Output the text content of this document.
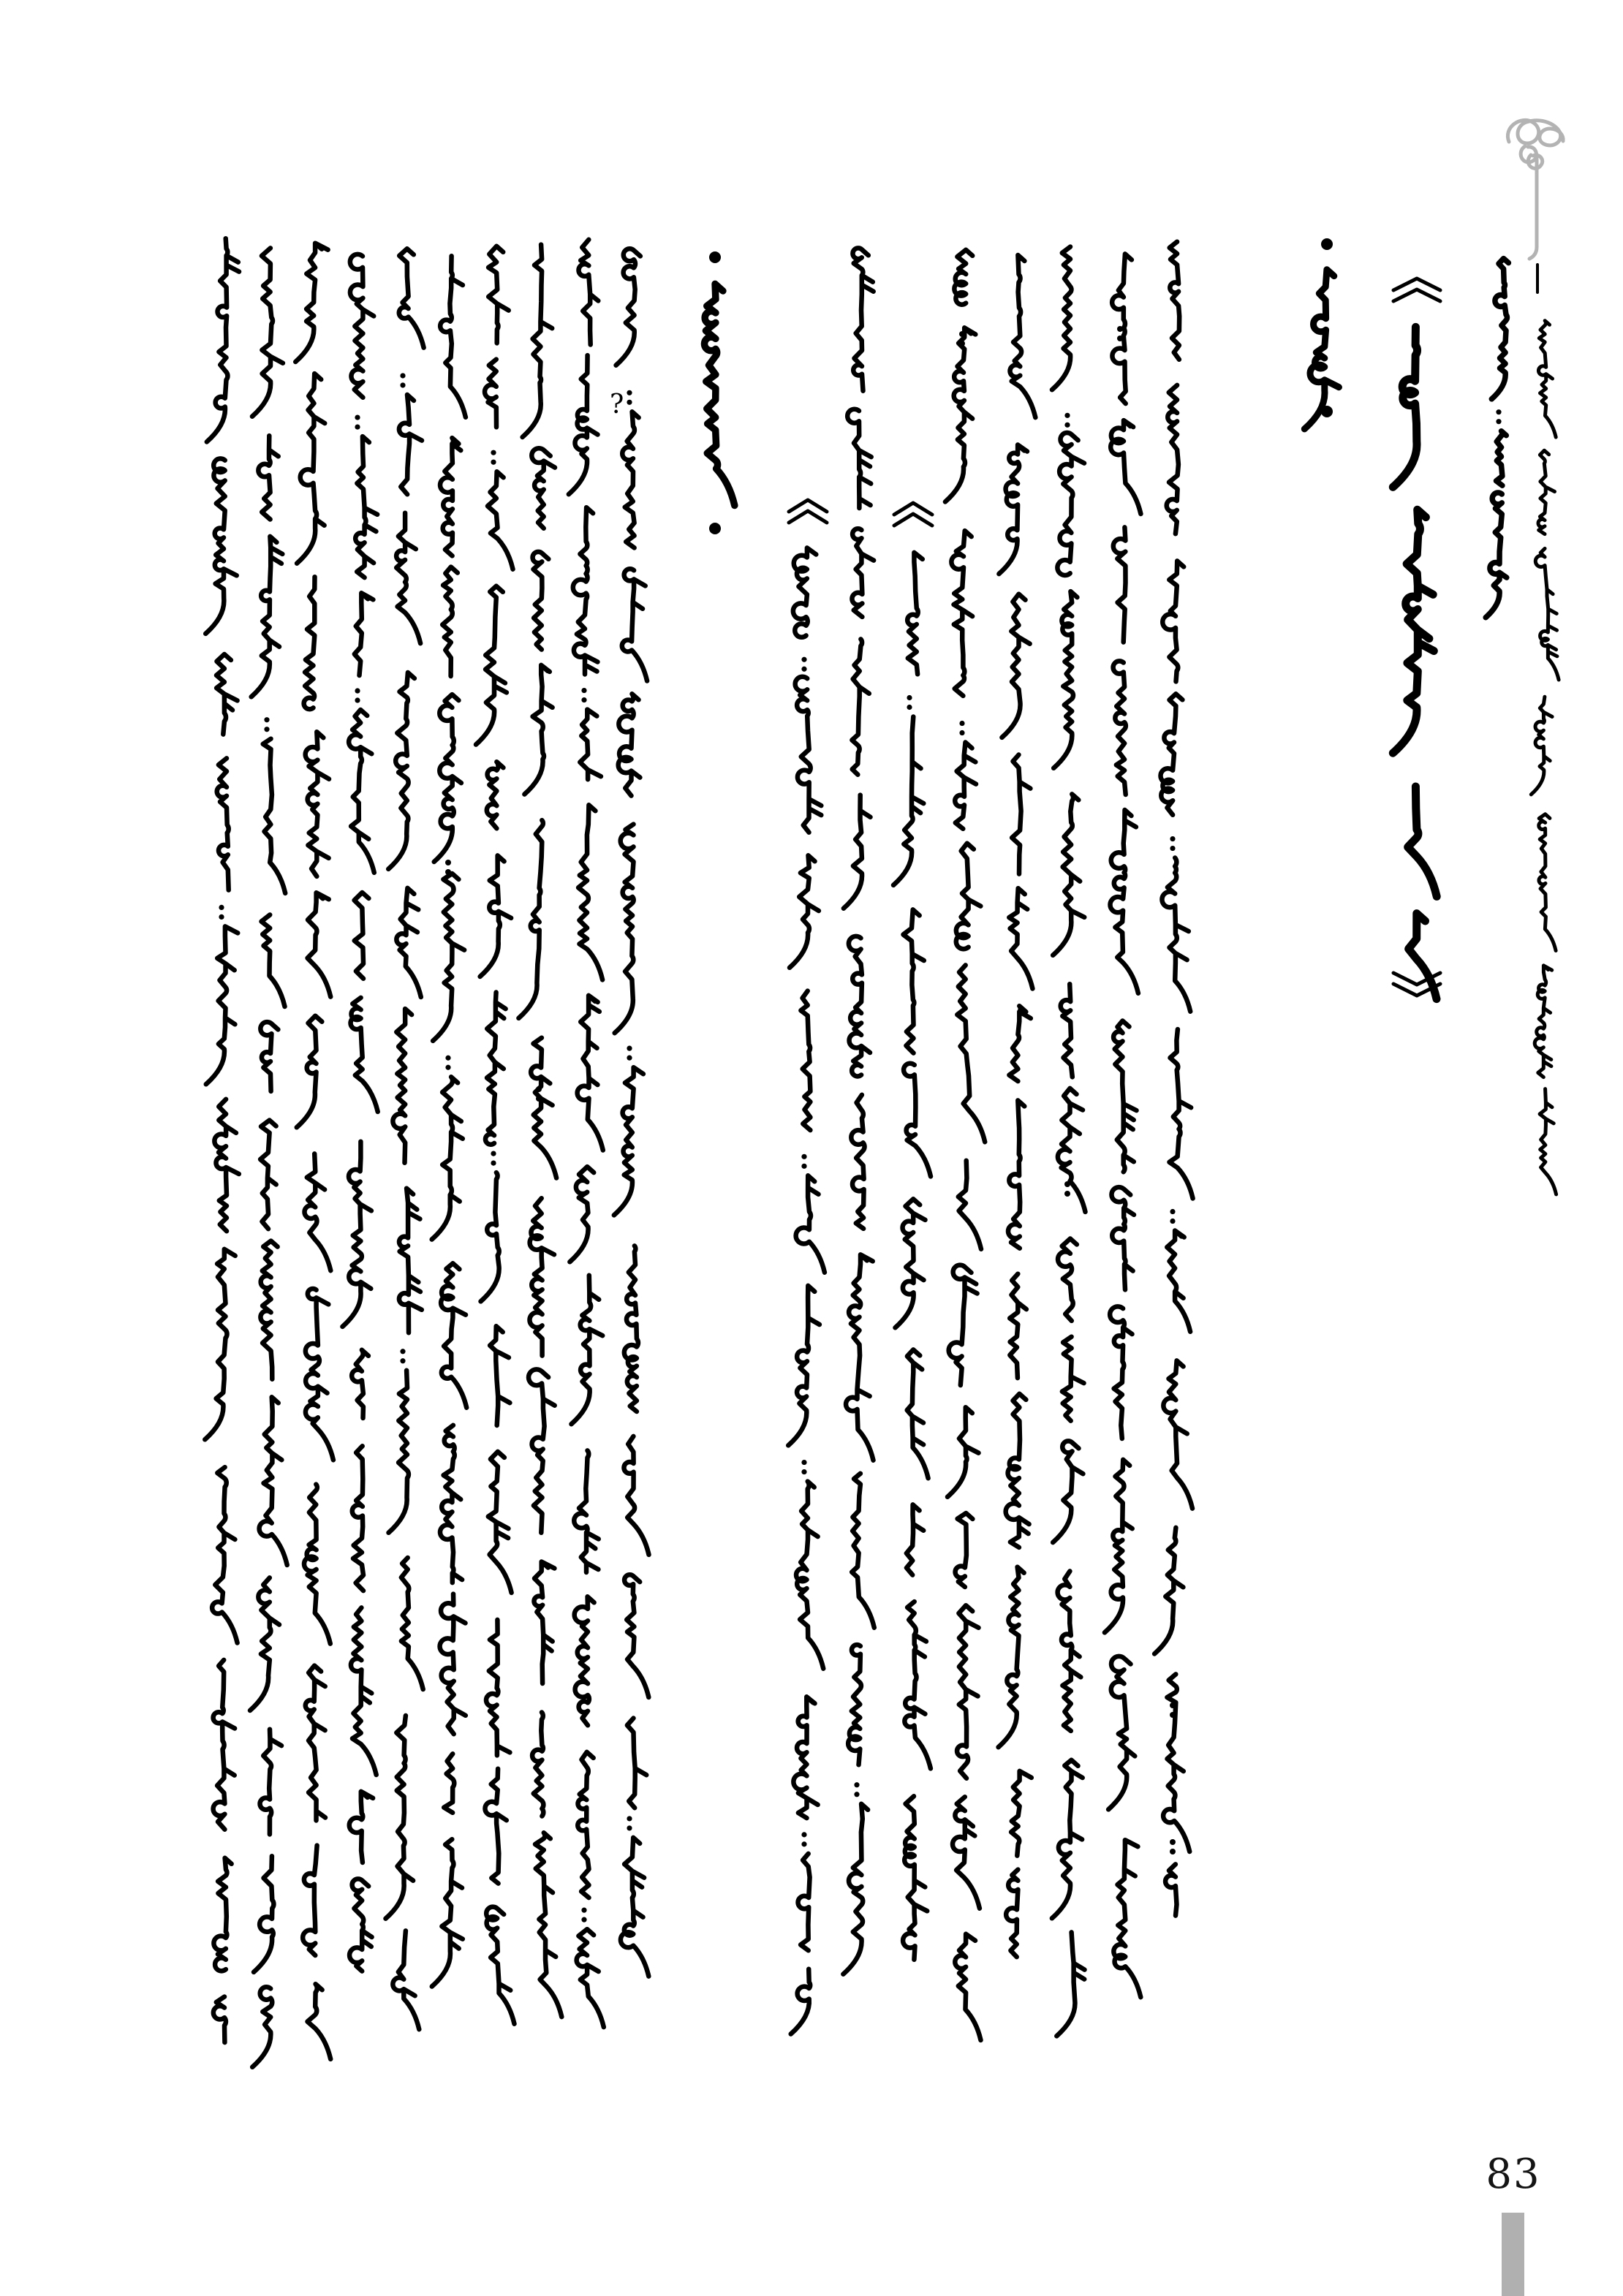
?
83
